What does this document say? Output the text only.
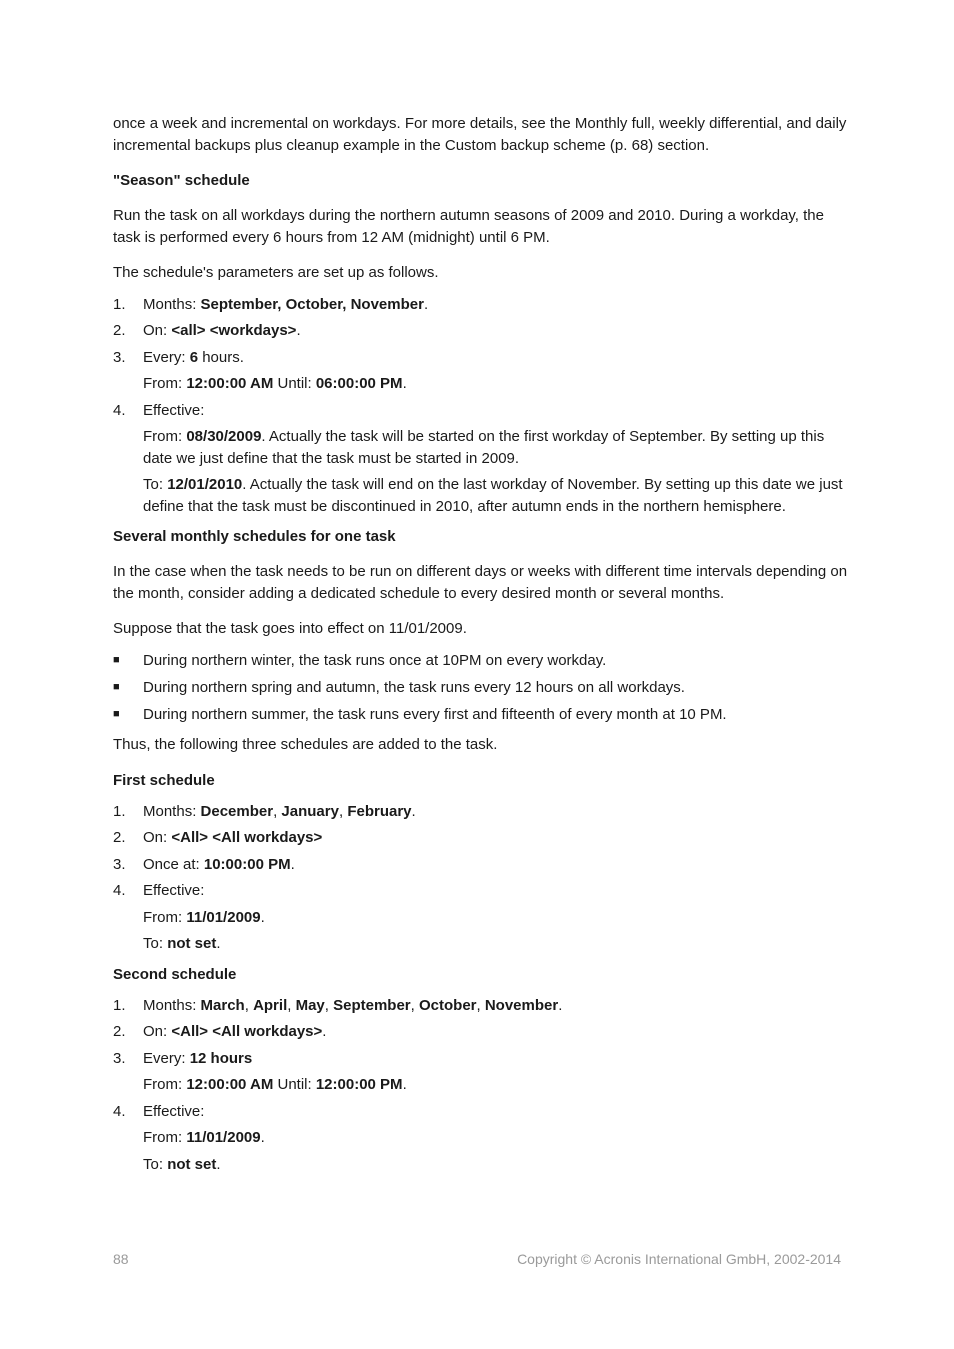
once a week and incremental on workdays. For more details, see the Monthly full, weekly differential, and daily incremental backups plus cleanup example in the Custom backup scheme (p. 68) section.

"Season" schedule

Run the task on all workdays during the northern autumn seasons of 2009 and 2010. During a workday, the task is performed every 6 hours from 12 AM (midnight) until 6 PM.

The schedule's parameters are set up as follows.

1. Months: September, October, November.
2. On: <all> <workdays>.
3. Every: 6 hours.
From: 12:00:00 AM Until: 06:00:00 PM.
4. Effective:
From: 08/30/2009. Actually the task will be started on the first workday of September. By setting up this date we just define that the task must be started in 2009.
To: 12/01/2010. Actually the task will end on the last workday of November. By setting up this date we just define that the task must be discontinued in 2010, after autumn ends in the northern hemisphere.
Several monthly schedules for one task

In the case when the task needs to be run on different days or weeks with different time intervals depending on the month, consider adding a dedicated schedule to every desired month or several months.

Suppose that the task goes into effect on 11/01/2009.

■ During northern winter, the task runs once at 10PM on every workday.
■ During northern spring and autumn, the task runs every 12 hours on all workdays.
■ During northern summer, the task runs every first and fifteenth of every month at 10 PM.

Thus, the following three schedules are added to the task.

First schedule
1. Months: December, January, February.
2. On: <All> <All workdays>
3. Once at: 10:00:00 PM.
4. Effective:
From: 11/01/2009.
To: not set.
Second schedule
1. Months: March, April, May, September, October, November.
2. On: <All> <All workdays>.
3. Every: 12 hours
From: 12:00:00 AM Until: 12:00:00 PM.
4. Effective:
From: 11/01/2009.
To: not set.
88	Copyright © Acronis International GmbH, 2002-2014
